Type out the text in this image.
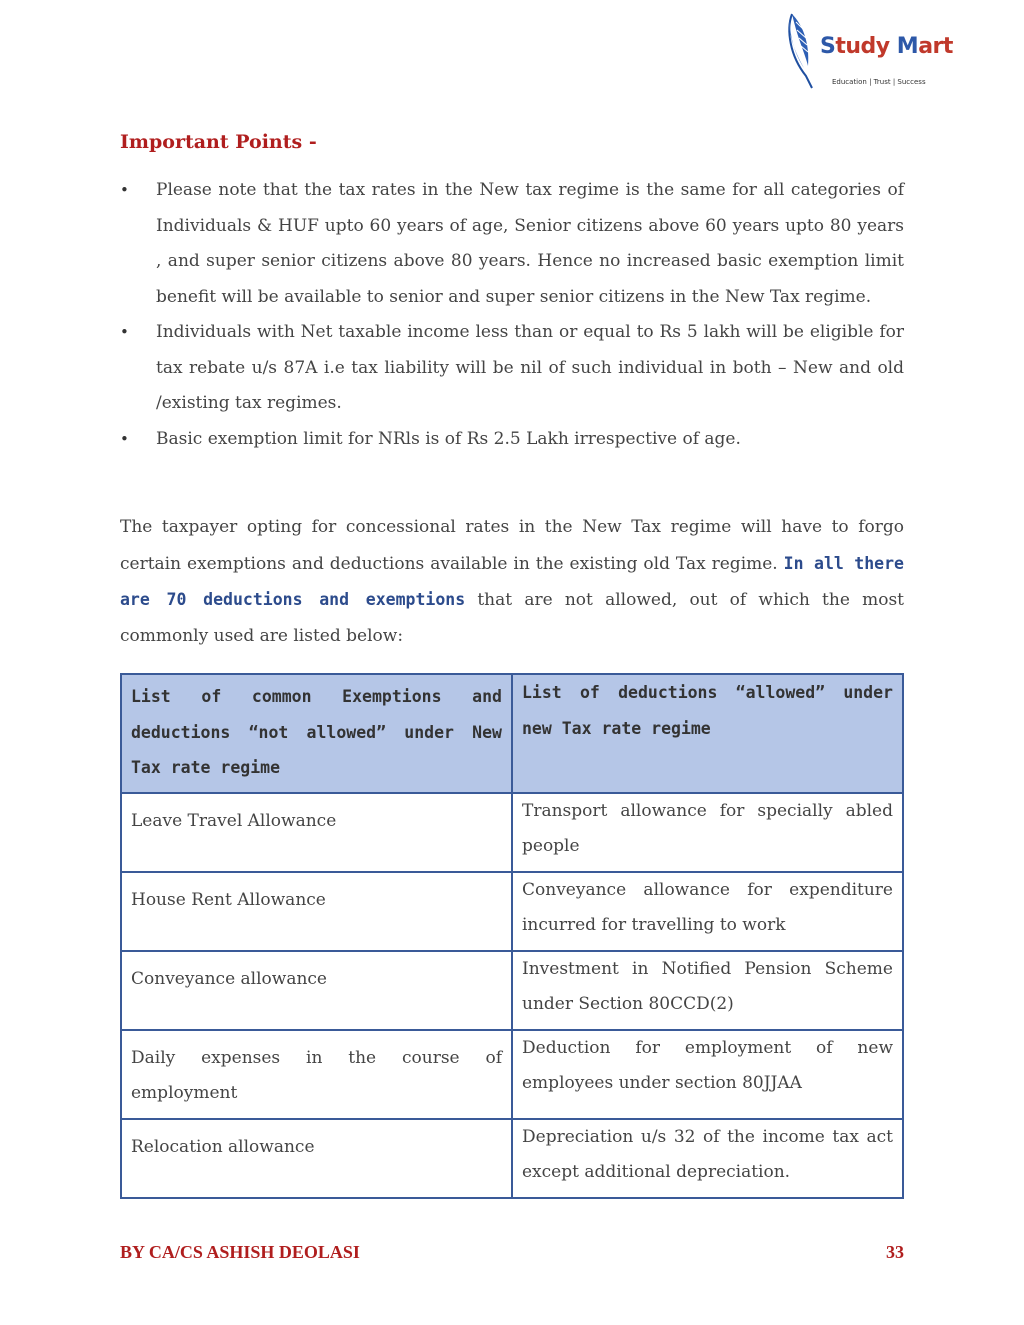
Study Mart
Education | Trust | Success
Important Points -
• Please note that the tax rates in the New tax regime is the same for all categories of Individuals & HUF upto 60 years of age, Senior citizens above 60 years upto 80 years , and super senior citizens above 80 years. Hence no increased basic exemption limit benefit will be available to senior and super senior citizens in the New Tax regime.
• Individuals with Net taxable income less than or equal to Rs 5 lakh will be eligible for tax rebate u/s 87A i.e tax liability will be nil of such individual in both – New and old /existing tax regimes.
• Basic exemption limit for NRls is of Rs 2.5 Lakh irrespective of age.

The taxpayer opting for concessional rates in the New Tax regime will have to forgo certain exemptions and deductions available in the existing old Tax regime. In all there are 70 deductions and exemptions that are not allowed, out of which the most commonly used are listed below:

List of common Exemptions and deductions “not allowed” under New Tax rate regime	List of deductions “allowed” under new Tax rate regime
Leave Travel Allowance	Transport allowance for specially abled people
House Rent Allowance	Conveyance allowance for expenditure incurred for travelling to work
Conveyance allowance	Investment in Notified Pension Scheme under Section 80CCD(2)
Daily expenses in the course of employment	Deduction for employment of new employees under section 80JJAA
Relocation allowance	Depreciation u/s 32 of the income tax act except additional depreciation.
BY CA/CS ASHISH DEOLASI	33
